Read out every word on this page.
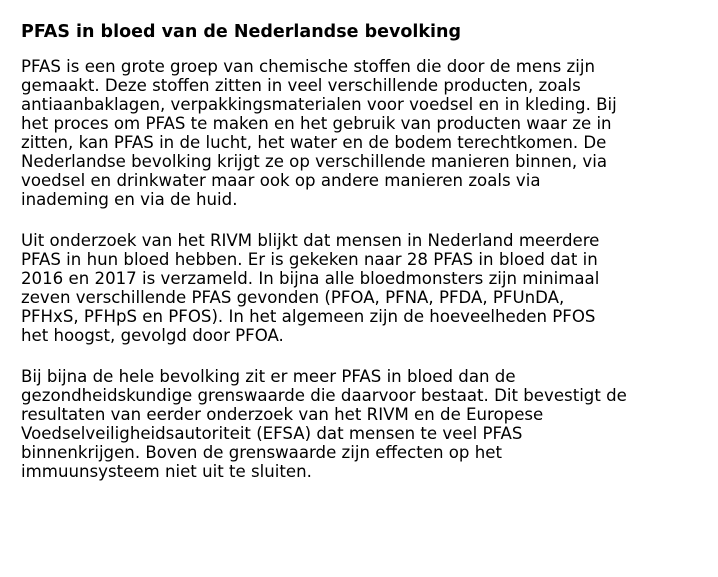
PFAS in bloed van de Nederlandse bevolking

PFAS is een grote groep van chemische stoffen die door de mens zijn
gemaakt. Deze stoffen zitten in veel verschillende producten, zoals
antiaanbaklagen, verpakkingsmaterialen voor voedsel en in kleding. Bij
het proces om PFAS te maken en het gebruik van producten waar ze in
zitten, kan PFAS in de lucht, het water en de bodem terechtkomen. De
Nederlandse bevolking krijgt ze op verschillende manieren binnen, via
voedsel en drinkwater maar ook op andere manieren zoals via
inademing en via de huid.

Uit onderzoek van het RIVM blijkt dat mensen in Nederland meerdere
PFAS in hun bloed hebben. Er is gekeken naar 28 PFAS in bloed dat in
2016 en 2017 is verzameld. In bijna alle bloedmonsters zijn minimaal
zeven verschillende PFAS gevonden (PFOA, PFNA, PFDA, PFUnDA,
PFHxS, PFHpS en PFOS). In het algemeen zijn de hoeveelheden PFOS
het hoogst, gevolgd door PFOA.

Bij bijna de hele bevolking zit er meer PFAS in bloed dan de
gezondheidskundige grenswaarde die daarvoor bestaat. Dit bevestigt de
resultaten van eerder onderzoek van het RIVM en de Europese
Voedselveiligheidsautoriteit (EFSA) dat mensen te veel PFAS
binnenkrijgen. Boven de grenswaarde zijn effecten op het
immuunsysteem niet uit te sluiten.
